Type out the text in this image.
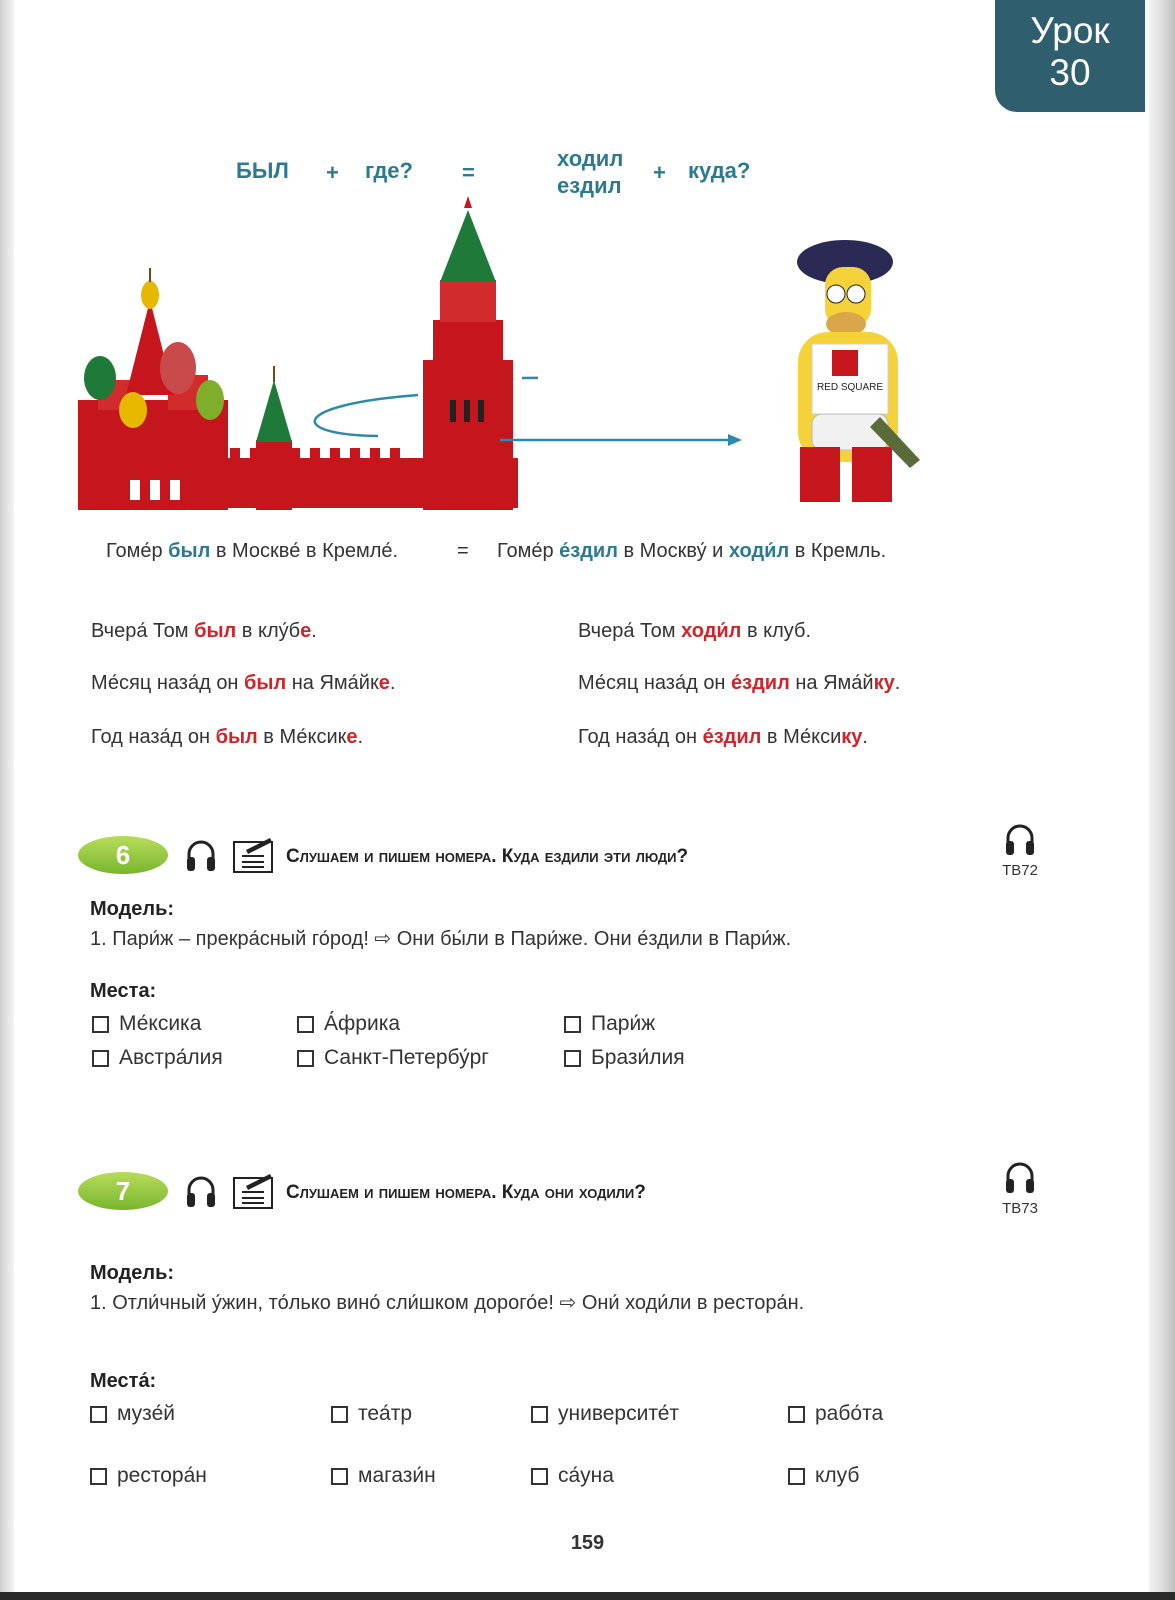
Урок
30
БЫЛ + где? =
ходил
ездил
+ куда?
RED SQUARE
Гоме́р был в Москве́ в Кремле́.	= Гоме́р е́здил в Москву́ и ходи́л в Кремль.
Вчера́ Том был в клу́бе.	Вчера́ Том ходи́л в клуб.
Ме́сяц наза́д он был на Яма́йке.	Ме́сяц наза́д он е́здил на Яма́йку.
Год наза́д он был в Ме́ксике.	Год наза́д он е́здил в Ме́ксику.
6	Слушаем и пишем номера. Куда ездили эти люди?
ТВ72
Модель:
1. Пари́ж – прекра́сный го́род! ⇨ Они бы́ли в Пари́же. Они е́здили в Пари́ж.
Места:
Ме́ксика	А́фрика	Пари́ж
Австра́лия	Санкт-Петербу́рг	Брази́лия
7	Слушаем и пишем номера. Куда они ходили?
ТВ73
Модель:
1. Отли́чный у́жин, то́лько вино́ сли́шком дорого́е! ⇨ Они́ ходи́ли в рестора́н.
Места́:
музе́й	теа́тр	университе́т	рабо́та
рестора́н	магази́н	са́уна	клуб
159
